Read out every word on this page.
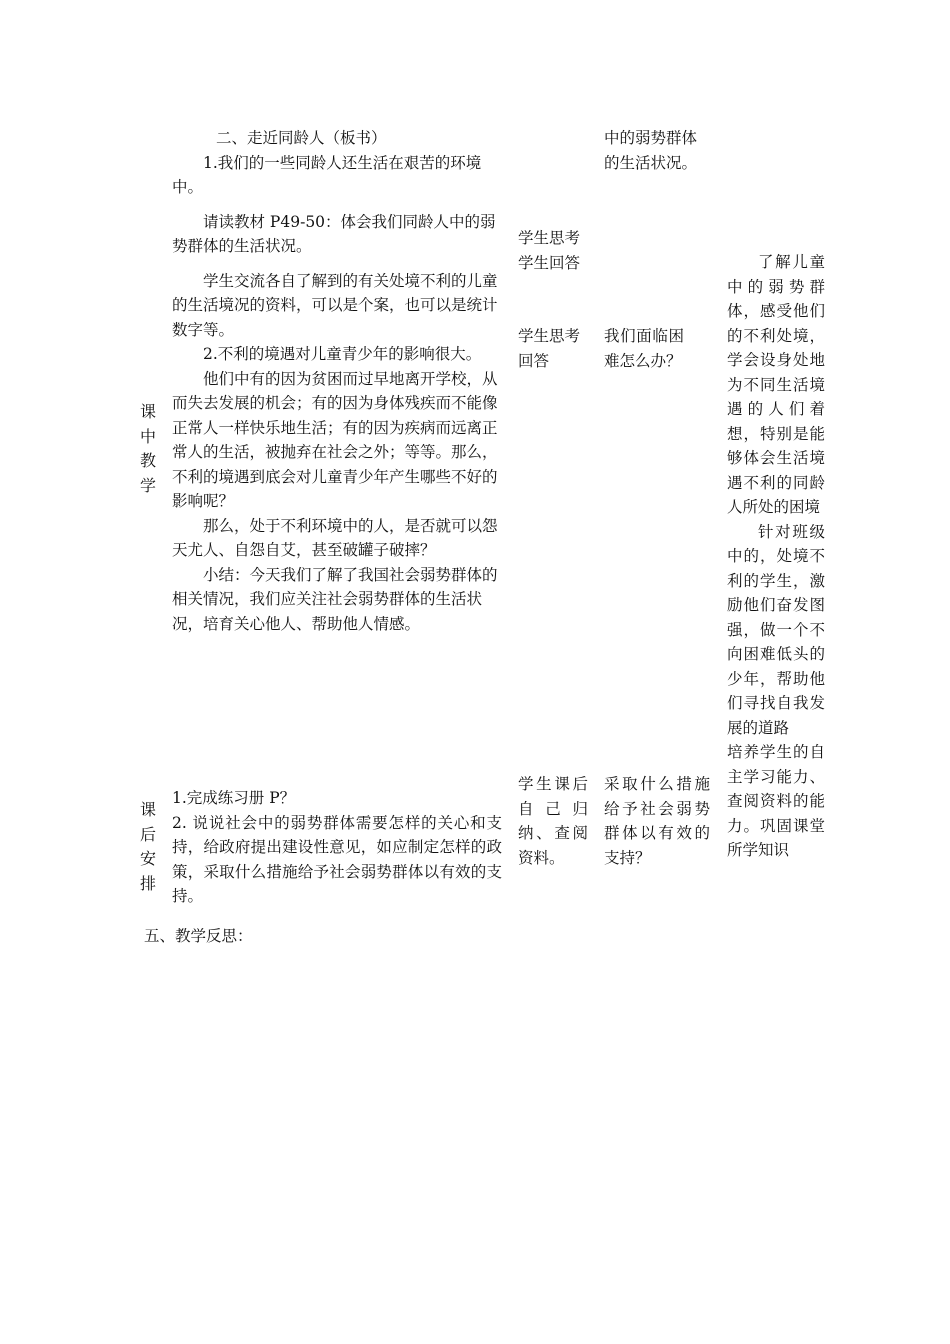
二、走近同龄人（板书）

1.我们的一些同龄人还生活在艰苦的环境中。

请读教材 P49-50：体会我们同龄人中的弱势群体的生活状况。

学生交流各自了解到的有关处境不利的儿童的生活境况的资料，可以是个案，也可以是统计数字等。

2.不利的境遇对儿童青少年的影响很大。

他们中有的因为贫困而过早地离开学校，从而失去发展的机会；有的因为身体残疾而不能像正常人一样快乐地生活；有的因为疾病而远离正常人的生活，被抛弃在社会之外；等等。那么，不利的境遇到底会对儿童青少年产生哪些不好的影响呢？

那么，处于不利环境中的人，是否就可以怨天尤人、自怨自艾，甚至破罐子破摔？

小结：今天我们了解了我国社会弱势群体的相关情况，我们应关注社会弱势群体的生活状况，培育关心他人、帮助他人情感。

课
中
教
学
课
后
安
排

学生思考学生回答

学生思考回答

学生课后自己归纳、查阅资料。

中的弱势群体的生活状况。

我们面临困难怎么办？

采取什么措施给予社会弱势群体以有效的支持？

了解儿童中的弱势群体，感受他们的不利处境，学会设身处地为不同生活境遇的人们着想，特别是能够体会生活境遇不利的同龄人所处的困境

针对班级中的，处境不利的学生，激励他们奋发图强，做一个不向困难低头的少年，帮助他们寻找自我发展的道路

培养学生的自主学习能力、查阅资料的能力。巩固课堂所学知识

1.完成练习册 P？

2. 说说社会中的弱势群体需要怎样的关心和支持，给政府提出建设性意见，如应制定怎样的政策，采取什么措施给予社会弱势群体以有效的支持。

五、教学反思：
